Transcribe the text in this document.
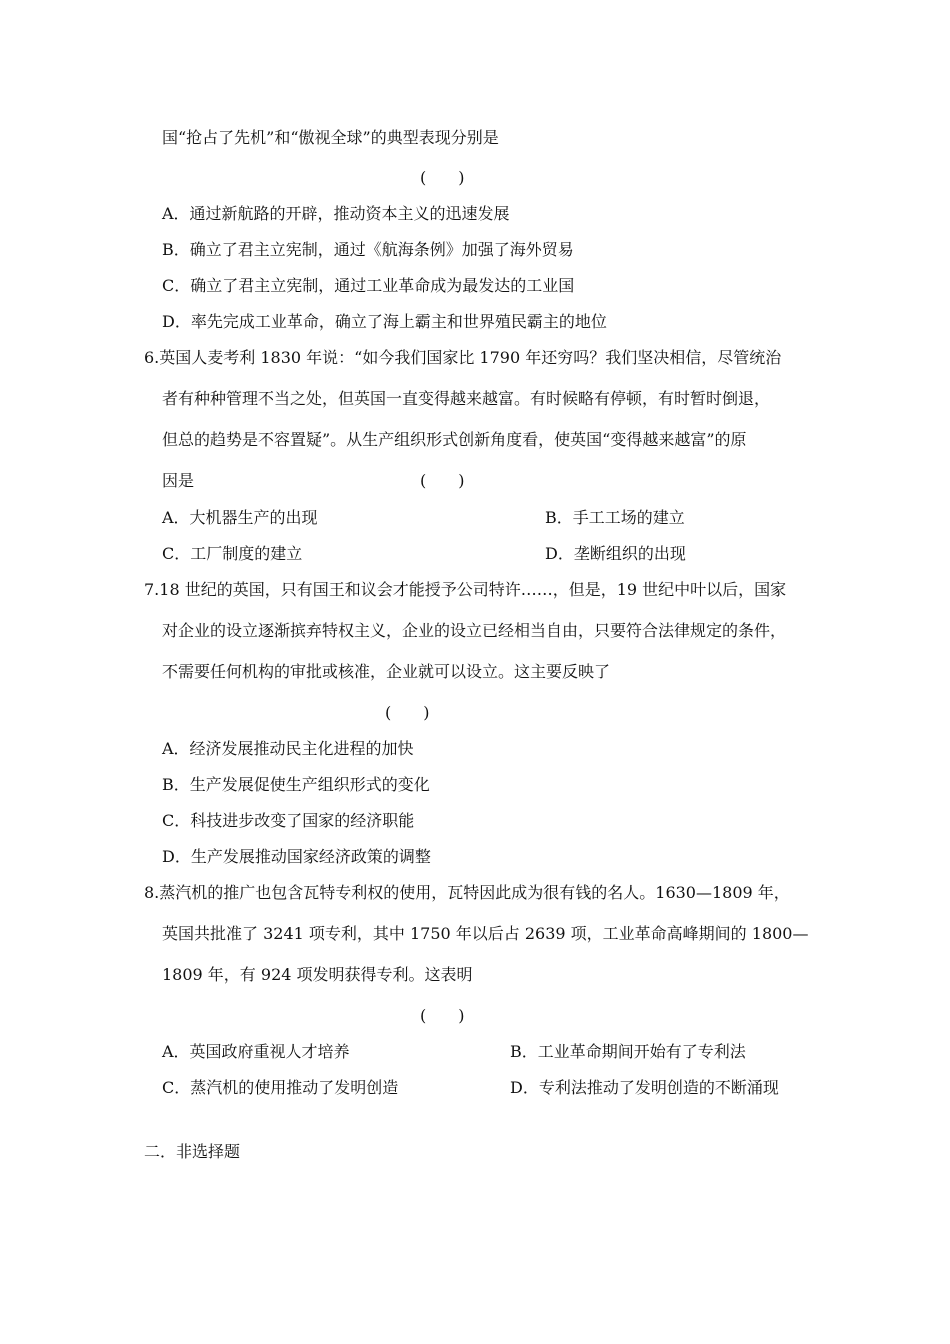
国“抢占了先机”和“傲视全球”的典型表现分别是
(　　)
A．通过新航路的开辟，推动资本主义的迅速发展
B．确立了君主立宪制，通过《航海条例》加强了海外贸易
C．确立了君主立宪制，通过工业革命成为最发达的工业国
D．率先完成工业革命，确立了海上霸主和世界殖民霸主的地位
6.英国人麦考利 1830 年说：“如今我们国家比 1790 年还穷吗？我们坚决相信，尽管统治
者有种种管理不当之处，但英国一直变得越来越富。有时候略有停顿，有时暂时倒退，
但总的趋势是不容置疑”。从生产组织形式创新角度看，使英国“变得越来越富”的原
因是	(　　)
A．大机器生产的出现	B．手工工场的建立
C．工厂制度的建立	D．垄断组织的出现
7.18 世纪的英国，只有国王和议会才能授予公司特许……，但是，19 世纪中叶以后，国家
对企业的设立逐渐摈弃特权主义，企业的设立已经相当自由，只要符合法律规定的条件，
不需要任何机构的审批或核准，企业就可以设立。这主要反映了
(　　)
A．经济发展推动民主化进程的加快
B．生产发展促使生产组织形式的变化
C．科技进步改变了国家的经济职能
D．生产发展推动国家经济政策的调整
8.蒸汽机的推广也包含瓦特专利权的使用，瓦特因此成为很有钱的名人。1630—1809 年，
英国共批准了 3241 项专利，其中 1750 年以后占 2639 项，工业革命高峰期间的 1800—
1809 年，有 924 项发明获得专利。这表明
(　　)
A．英国政府重视人才培养	B．工业革命期间开始有了专利法
C．蒸汽机的使用推动了发明创造	D．专利法推动了发明创造的不断涌现
二．非选择题
